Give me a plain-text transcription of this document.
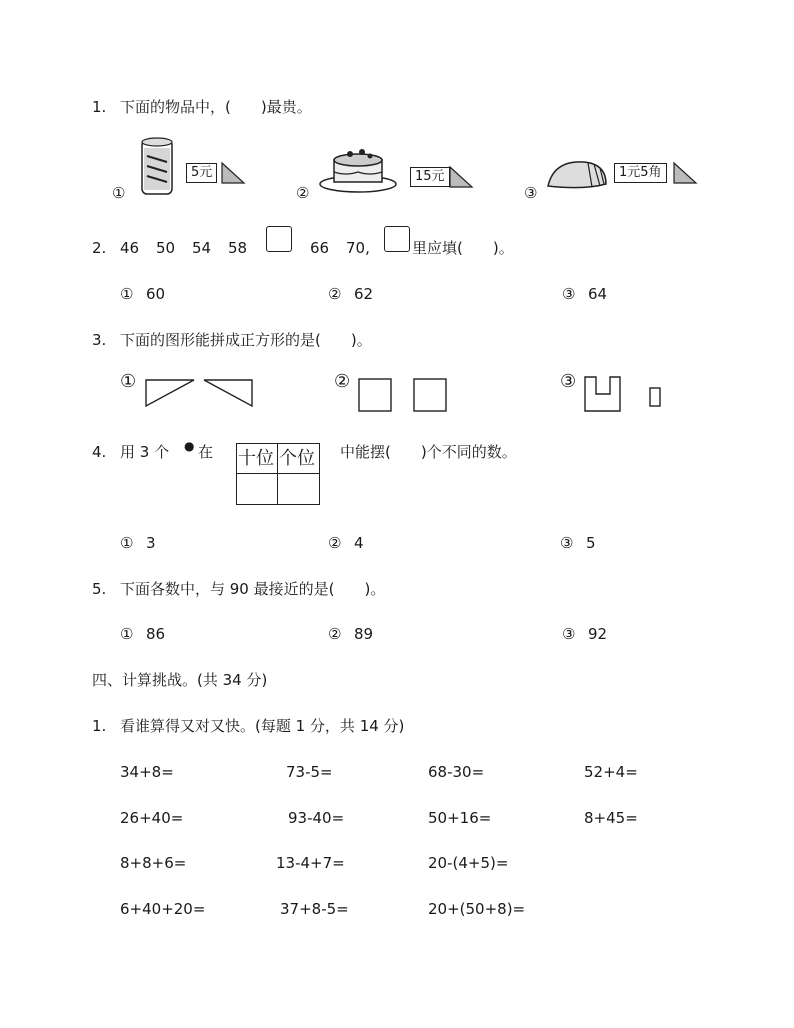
1. 下面的物品中，(　　)最贵。
①
5元
②
15元
③
1元5角
2. 46 50 54 58	66 70,	里应填(　　)。
① 60	② 62	③ 64
3. 下面的图形能拼成正方形的是(　　)。
①	②	③
4. 用 3 个 ● 在 十位 个位 中能摆(　　)个不同的数。
① 3	② 4	③ 5
5. 下面各数中，与 90 最接近的是(　　)。
① 86	② 89	③ 92
四、计算挑战。(共 34 分)
1. 看谁算得又对又快。(每题 1 分，共 14 分)
34+8=	73-5=	68-30=	52+4=
26+40=	93-40=	50+16=	8+45=
8+8+6=	13-4+7=	20-(4+5)=
6+40+20=	37+8-5=	20+(50+8)=
